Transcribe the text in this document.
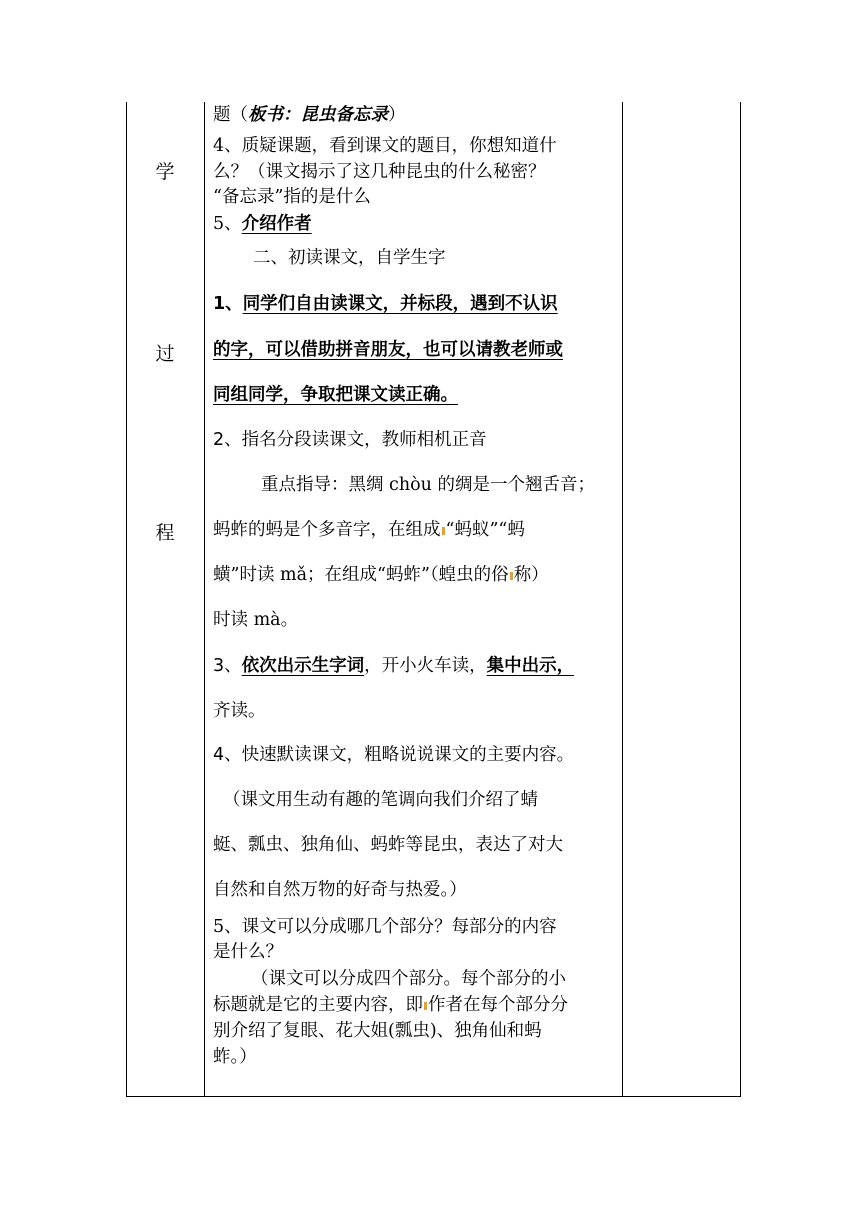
学
过
程
题（板书：昆虫备忘录）
4、质疑课题，看到课文的题目，你想知道什
么？（课文揭示了这几种昆虫的什么秘密？
“备忘录”指的是什么
5、介绍作者
二、初读课文，自学生字
1、同学们自由读课文，并标段，遇到不认识
的字，可以借助拼音朋友，也可以请教老师或
同组同学，争取把课文读正确。
2、指名分段读课文，教师相机正音
重点指导：黑绸 chòu 的绸是一个翘舌音；
蚂蚱的蚂是个多音字，在组成 “蚂蚁”“蚂
蟥”时读 mǎ；在组成“蚂蚱”（蝗虫的俗 称）
时读 mà。
3、依次出示生字词，开小火车读，集中出示，
齐读。
4、快速默读课文，粗略说说课文的主要内容。
（课文用生动有趣的笔调向我们介绍了蜻
蜓、瓢虫、独角仙、蚂蚱等昆虫，表达了对大
自然和自然万物的好奇与热爱。）
5、课文可以分成哪几个部分？每部分的内容
是什么？
（课文可以分成四个部分。每个部分的小
标题就是它的主要内容，即 作者在每个部分分
别介绍了复眼、花大姐(瓢虫)、独角仙和蚂
蚱。）
